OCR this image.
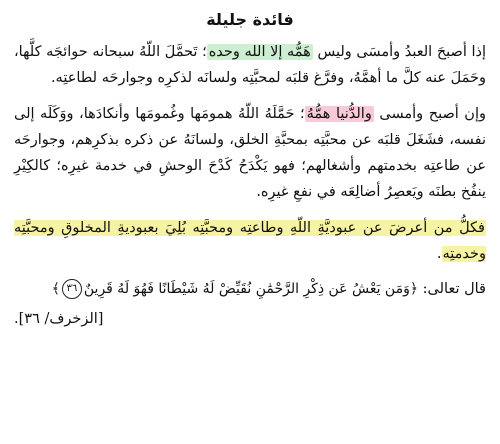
فائدة جليلة

إذا أصبحَ العبدُ وأمسَى وليس هَمُّه إلا الله وحده؛ تَحمَّلَ اللّهُ سبحانه حوائجَه كلَّها، وحَمَلَ عنه كلَّ ما أهمَّهُ، وفرَّغ قلبَه لمحبَّتِه ولسانَه لذكرِه وجوارحَه لطاعتِه.

وإن أصبح وأمسى والدُّنيا همُّهُ؛ حَمَّلَهُ اللّهُ همومَها وغُمومَها وأنكادَها، ووَكَلَه إلى نفسه، فشَغَلَ قلبَه عن محبَّتِه بمحبَّةِ الخلق، ولسانَهُ عن ذكره بذكرِهم، وجوارحَه عن طاعتِه بخدمتهم وأشغالهم؛ فهو يَكْدَحُ كَدْحَ الوحشِ في خدمة غيرِه؛ كالكِيْرِ ينفُخ بطنَه ويَعصِرُ أضالِعَه في نفعِ غيرِه.

فكلُّ من أعرضَ عن عبوديَّةِ اللّهِ وطاعتِه ومحبَّتِه بُلِيَ بعبوديةِ المخلوقِ ومحبَّتِه وخدمتِه.

قال تعالى: ﴿وَمَن يَعْشُ عَن ذِكْرِ الرَّحْمَٰنِ نُقَيِّضْ لَهُ شَيْطَانًا فَهُوَ لَهُ قَرِينٌ٣٦﴾
[الزخرف/ ٣٦].
